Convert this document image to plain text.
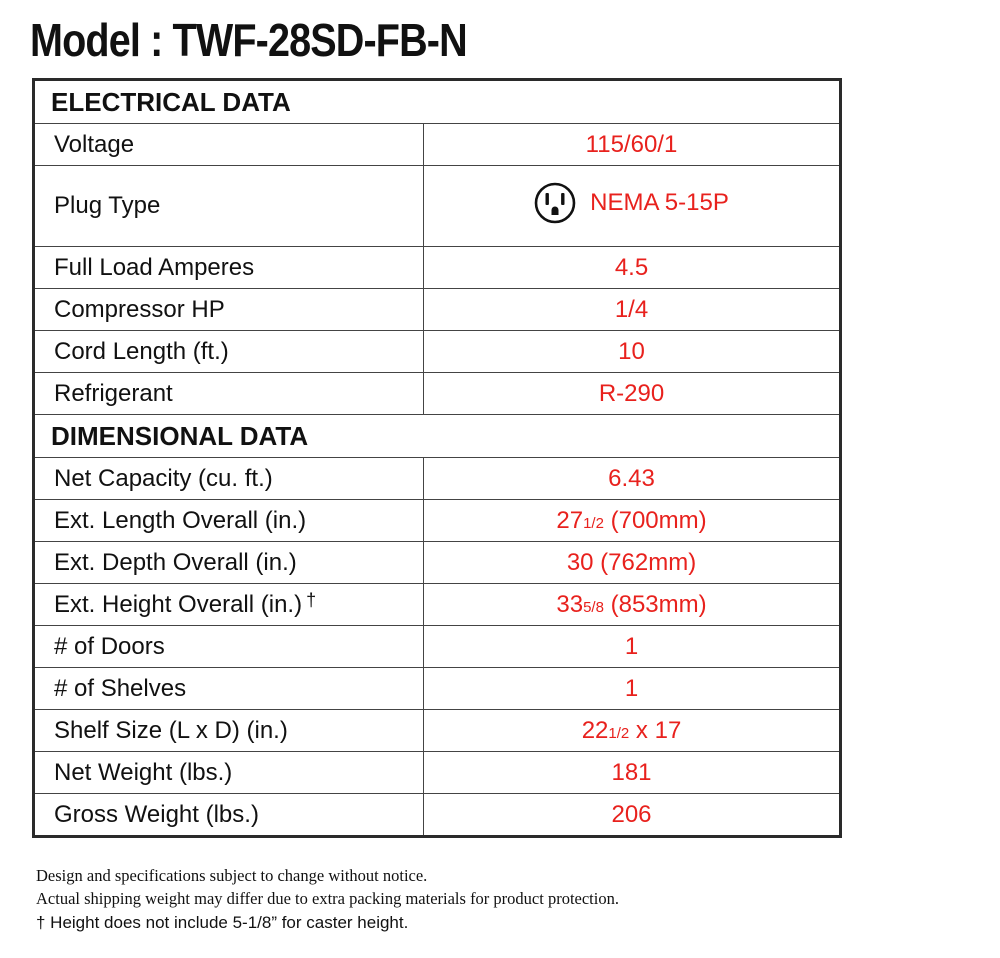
Model : TWF-28SD-FB-N
ELECTRICAL DATA	
Voltage	115/60/1
Plug Type	NEMA 5-15P

Full Load Amperes	4.5
Compressor HP	1/4
Cord Length (ft.)	10
Refrigerant	R-290
DIMENSIONAL DATA	
Net Capacity (cu. ft.)	6.43
Ext. Length Overall (in.)	271/2 (700mm)
Ext. Depth Overall (in.)	30 (762mm)
Ext. Height Overall (in.) †	335/8 (853mm)
# of Doors	1
# of Shelves	1
Shelf Size (L x D) (in.)	221/2 x 17
Net Weight (lbs.)	181
Gross Weight (lbs.)	206
Design and specifications subject to change without notice.
Actual shipping weight may differ due to extra packing materials for product protection.
† Height does not include 5-1/8” for caster height.
